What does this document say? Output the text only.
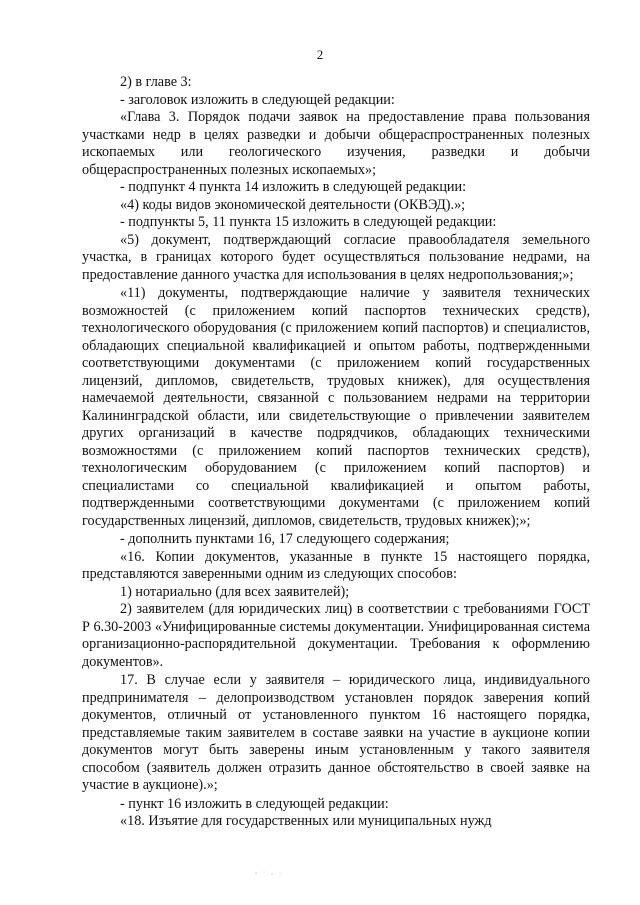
2

2) в главе 3:

- заголовок изложить в следующей редакции:

«Глава 3. Порядок подачи заявок на предоставление права пользования участками недр в целях разведки и добычи общераспространенных полезных ископаемых или геологического изучения, разведки и добычи общераспространенных полезных ископаемых»;

- подпункт 4 пункта 14 изложить в следующей редакции:

«4) коды видов экономической деятельности (ОКВЭД).»;

- подпункты 5, 11 пункта 15 изложить в следующей редакции:

«5) документ, подтверждающий согласие правообладателя земельного участка, в границах которого будет осуществляться пользование недрами, на предоставление данного участка для использования в целях недропользования;»;

«11) документы, подтверждающие наличие у заявителя технических возможностей (с приложением копий паспортов технических средств), технологического оборудования (с приложением копий паспортов) и специалистов, обладающих специальной квалификацией и опытом работы, подтвержденными соответствующими документами (с приложением копий государственных лицензий, дипломов, свидетельств, трудовых книжек), для осуществления намечаемой деятельности, связанной с пользованием недрами на территории Калининградской области, или свидетельствующие о привлечении заявителем других организаций в качестве подрядчиков, обладающих техническими возможностями (с приложением копий паспортов технических средств), технологическим оборудованием (с приложением копий паспортов) и специалистами со специальной квалификацией и опытом работы, подтвержденными соответствующими документами (с приложением копий государственных лицензий, дипломов, свидетельств, трудовых книжек);»;

- дополнить пунктами 16, 17 следующего содержания;

«16. Копии документов, указанные в пункте 15 настоящего порядка, представляются заверенными одним из следующих способов:

1) нотариально (для всех заявителей);

2) заявителем (для юридических лиц) в соответствии с требованиями ГОСТ Р 6.30-2003 «Унифицированные системы документации. Унифицированная система организационно-распорядительной документации. Требования к оформлению документов».

17. В случае если у заявителя – юридического лица, индивидуального предпринимателя – делопроизводством установлен порядок заверения копий документов, отличный от установленного пунктом 16 настоящего порядка, представляемые таким заявителем в составе заявки на участие в аукционе копии документов могут быть заверены иным установленным у такого заявителя способом (заявитель должен отразить данное обстоятельство в своей заявке на участие в аукционе).»;

- пункт 16 изложить в следующей редакции:

«18. Изъятие для государственных или муниципальных нужд
